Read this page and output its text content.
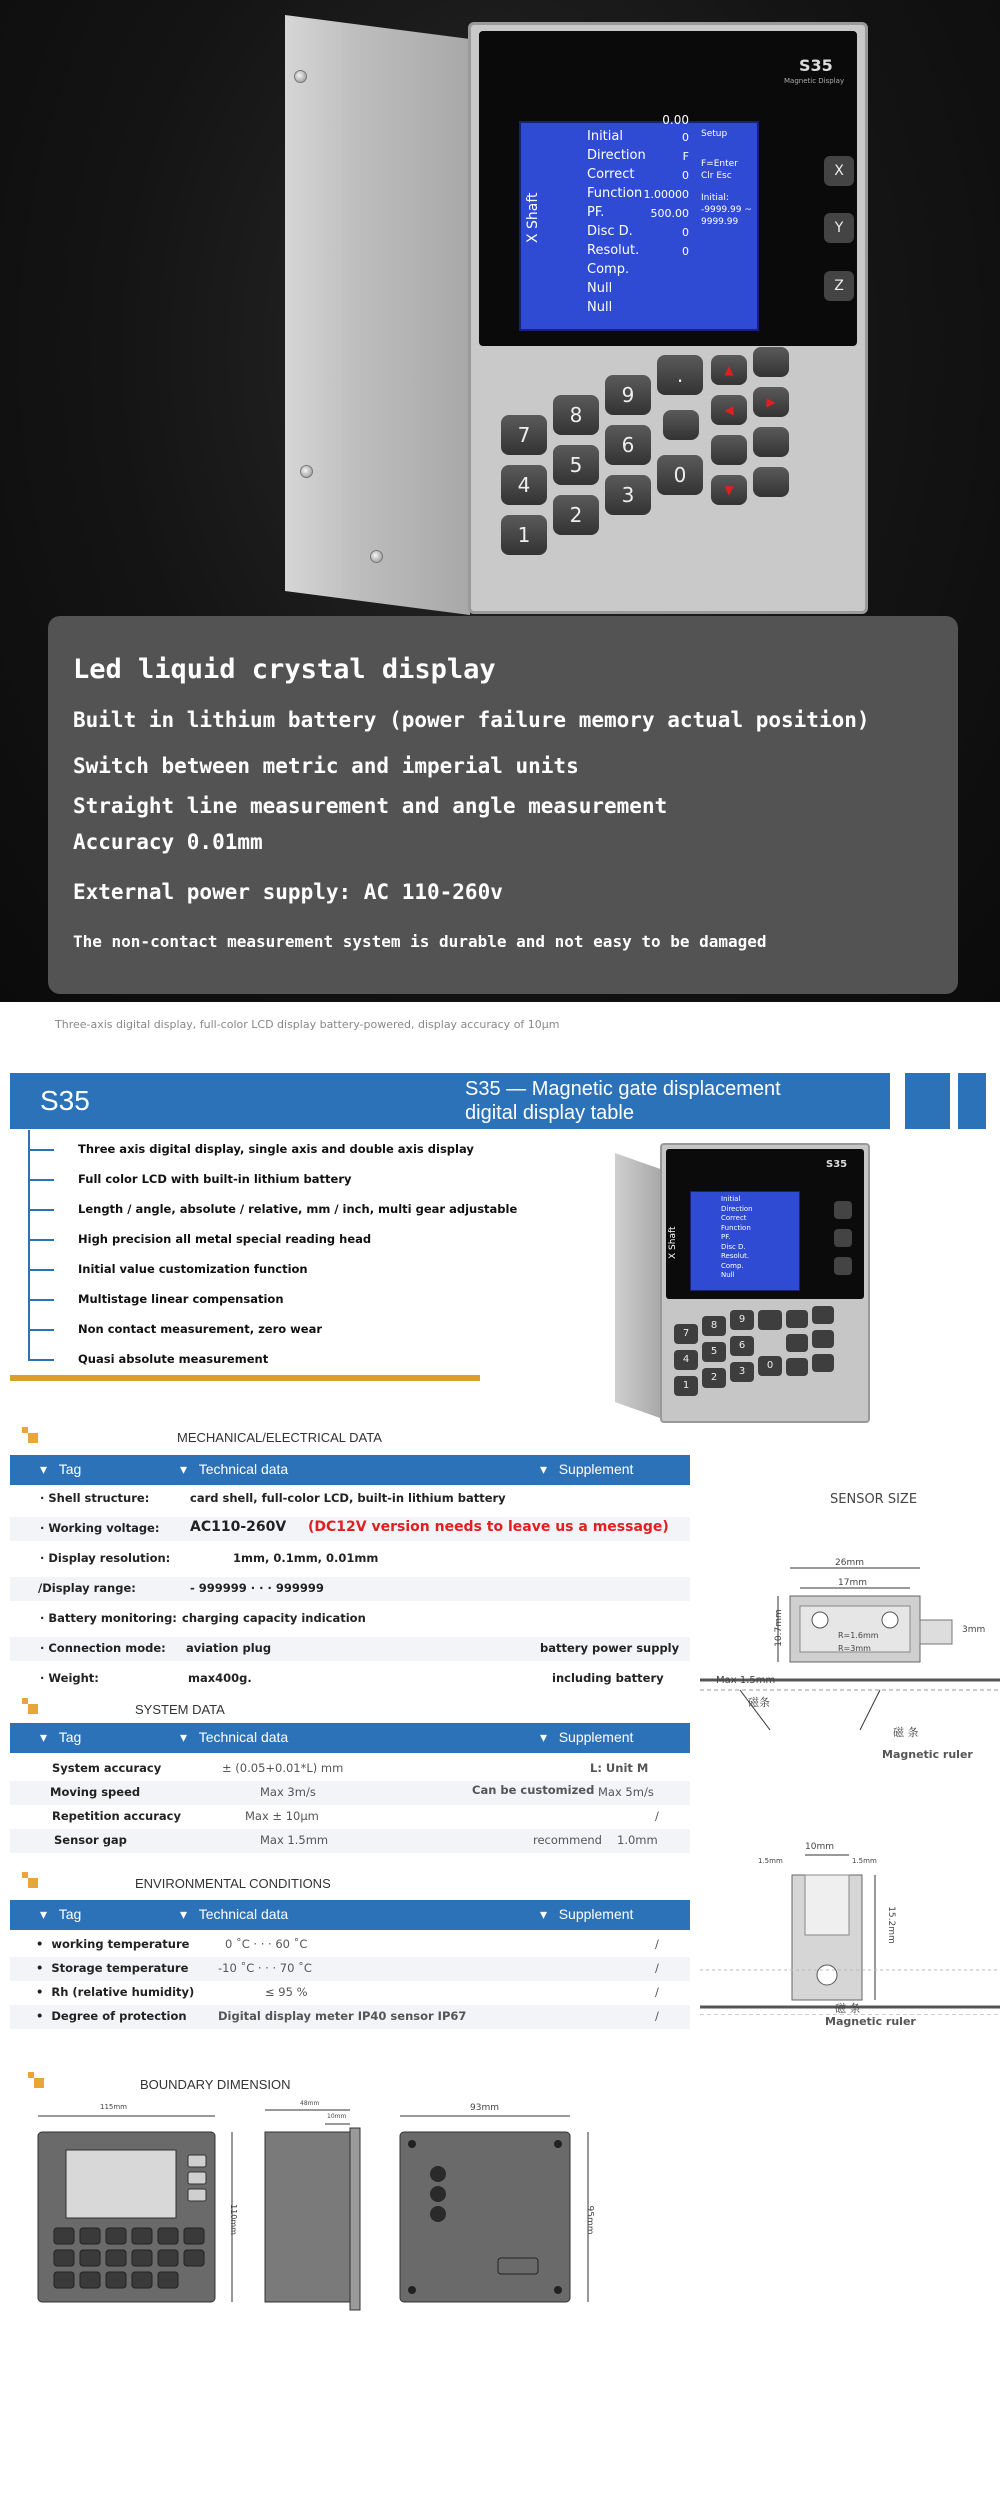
S35
Magnetic Display
X Shaft
Initial
Direction
Correct
Function
PF.
Disc D.
Resolut.
Comp.
Null
Null
0.00
0
F
0
1.00000
500.00
0
0
Setup
F=Enter
Clr Esc
Initial:
-9999.99 ~
9999.99
X
Y
Z
7
8
9
4
5
6
1
2
3
0
.	▲
◀
▶
▼
Led liquid crystal display
Built in lithium battery (power failure memory actual position)
Switch between metric and imperial units
Straight line measurement and angle measurement
Accuracy 0.01mm
External power supply: AC 110-260v
The non-contact measurement system is durable and not easy to be damaged
Three-axis digital display, full-color LCD display battery-powered, display accuracy of 10μm
S35	S35 — Magnetic gate displacement
digital display table
Three axis digital display, single axis and double axis display
Full color LCD with built-in lithium battery
Length / angle, absolute / relative, mm / inch, multi gear adjustable
High precision all metal special reading head
Initial value customization function
Multistage linear compensation
Non contact measurement, zero wear
Quasi absolute measurement
S35
Initial
Direction
Correct
Function
PF.
Disc D.
Resolut.
Comp.
Null
X Shaft
7
8
9
4
5
6
1
2
3
0
MECHANICAL/ELECTRICAL DATA
▾   Tag	▾   Technical data	▾   Supplement
· Shell structure:	card shell, full-color LCD, built-in lithium battery
· Working voltage: AC110-260V (DC12V version needs to leave us a message)
· Display resolution:	1mm, 0.1mm, 0.01mm
/Display range:	- 999999 · · · 999999
· Battery monitoring: charging capacity indication
· Connection mode: aviation plug	battery power supply
· Weight:	max400g.	including battery
SYSTEM DATA
▾   Tag	▾   Technical data	▾   Supplement
System accuracy	± (0.05+0.01*L) mm	L: Unit M
Moving speed	Max 3m/s	Can be customized Max 5m/s
Repetition accuracy	Max ± 10μm	/
Sensor gap	Max 1.5mm	recommend 1.0mm
ENVIRONMENTAL CONDITIONS
▾   Tag	▾   Technical data	▾   Supplement
•  working temperature	0 ˚C · · · 60 ˚C	/
•  Storage temperature	-10 ˚C · · · 70 ˚C	/
•  Rh (relative humidity)	≤ 95 %	/
•  Degree of protection	Digital display meter IP40 sensor IP67	/
SENSOR SIZE
26mm
17mm
10.7mm	3mm
Max 1.5mm
R=1.6mm
R=3mm
磁条
磁 条
Magnetic ruler
10mm
1.5mm	1.5mm
15.2mm
磁 条
Magnetic ruler
BOUNDARY DIMENSION
115mm	48mm
10mm
93mm
95mm
110mm
